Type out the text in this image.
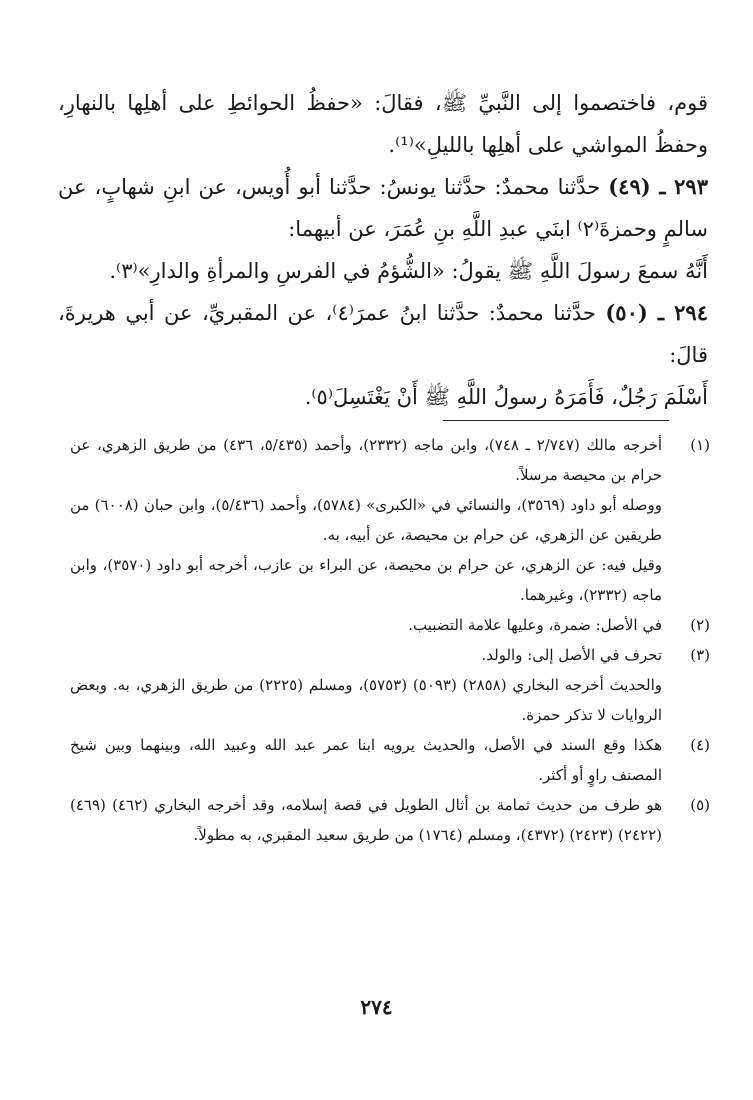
قوم، فاختصموا إلى النَّبيِّ ﷺ، فقالَ: «حفظُ الحوائطِ على أهلِها بالنهارِ، وحفظُ المواشي على أهلِها بالليلِ»⁽¹⁾.

٢٩٣ ـ (٤٩) حدَّثنا محمدٌ: حدَّثنا يونسُ: حدَّثنا أبو أُويس، عن ابنِ شهابٍ، عن سالمٍ وحمزةَ⁽٢⁾ ابنَي عبدِ اللَّهِ بنِ عُمَرَ، عن أبيهما:

أَنَّهُ سمعَ رسولَ اللَّهِ ﷺ يقولُ: «الشُّؤمُ في الفرسِ والمرأةِ والدارِ»⁽٣⁾.

٢٩٤ ـ (٥٠) حدَّثنا محمدٌ: حدَّثنا ابنُ عمرَ⁽٤⁾، عن المقبريِّ، عن أبي هريرةَ، قالَ:

أَسْلَمَ رَجُلٌ، فَأَمَرَهُ رسولُ اللَّهِ ﷺ أَنْ يَغْتَسِلَ⁽٥⁾.

(١)
أخرجه مالك (٢/٧٤٧ ـ ٧٤٨)، وابن ماجه (٢٣٣٢)، وأحمد (٥/٤٣٥، ٤٣٦) من طريق الزهري، عن حرام بن محيصة مرسلاً.
ووصله أبو داود (٣٥٦٩)، والنسائي في «الكبرى» (٥٧٨٤)، وأحمد (٥/٤٣٦)، وابن حبان (٦٠٠٨) من طريقين عن الزهري، عن حرام بن محيصة، عن أبيه، به.
وقيل فيه: عن الزهري، عن حرام بن محيصة، عن البراء بن عازب، أخرجه أبو داود (٣٥٧٠)، وابن ماجه (٢٣٣٢)، وغيرهما.
(٢)
في الأصل: ضمرة، وعليها علامة التضبيب.
(٣)
تحرف في الأصل إلى: والولد.
والحديث أخرجه البخاري (٢٨٥٨) (٥٠٩٣) (٥٧٥٣)، ومسلم (٢٢٢٥) من طريق الزهري، به. وبعض الروايات لا تذكر حمزة.
(٤)
هكذا وقع السند في الأصل، والحديث يرويه ابنا عمر عبد الله وعبيد الله، وبينهما وبين شيخ المصنف راوٍ أو أكثر.
(٥)
هو طرف من حديث ثمامة بن أثال الطويل في قصة إسلامه، وقد أخرجه البخاري (٤٦٢) (٤٦٩) (٢٤٢٢) (٢٤٢٣) (٤٣٧٢)، ومسلم (١٧٦٤) من طريق سعيد المقبري، به مطولاً.
٢٧٤
